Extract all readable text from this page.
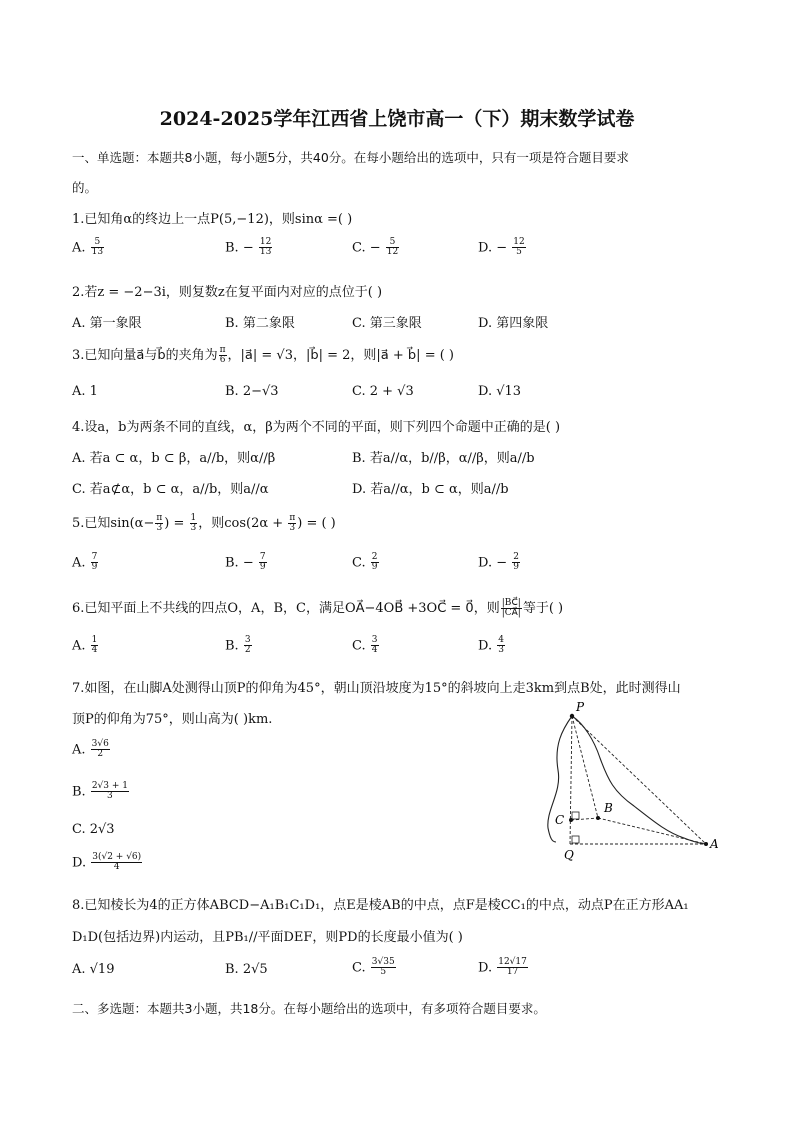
2024-2025学年江西省上饶市高一（下）期末数学试卷
一、单选题：本题共8小题，每小题5分，共40分。在每小题给出的选项中，只有一项是符合题目要求
的。
1.已知角α的终边上一点P(5,−12)，则sinα =( )
A. $\frac{5}{13}$	B. − $\frac{12}{13}$	C. − $\frac{5}{12}$	D. − $\frac{12}{5}$
2.若z = −2−3i，则复数z在复平面内对应的点位于( )
A. 第一象限	B. 第二象限	C. 第三象限	D. 第四象限
3.已知向量a⃗与b⃗的夹角为 $\frac{\pi}{6}$ ，|a⃗| = √3，|b⃗| = 2，则|a⃗ + b⃗| = ( )
A. 1	B. 2−√3	C. 2 + √3	D. √13
4.设a，b为两条不同的直线，α，β为两个不同的平面，则下列四个命题中正确的是( )
A. 若a ⊂ α，b ⊂ β，a//b，则α//β	B. 若a//α，b//β，α//β，则a//b
C. 若a⊄α，b ⊂ α，a//b，则a//α	D. 若a//α，b ⊂ α，则a//b
5.已知$\sin(\alpha- \frac{\pi}{3}$ ) = $\frac{1}{3}$ ，则$\cos(2\alpha + \frac{\pi}{3}$ ) = ( )
A. $\frac{7}{9}$	B. − $\frac{7}{9}$	C. $\frac{2}{9}$	D. − $\frac{2}{9}$
6.已知平面上不共线的四点O，A，B，C，满足OA⃗−4OB⃗ +3OC⃗ = 0⃗，则 $\frac{|BC⃗|}{|CA⃗|}$ 等于( )
A. $\frac{1}{4}$	B. $\frac{3}{2}$	C. $\frac{3}{4}$	D. $\frac{4}{3}$
7.如图，在山脚A处测得山顶P的仰角为45°，朝山顶沿坡度为15°的斜坡向上走3km到点B处，此时测得山
顶P的仰角为75°，则山高为( )km.
A. $\frac{3√6}{2}$
B. $\frac{2√3 + 1}{3}$
C. 2√3
D. $\frac{3(√2 + √6)}{4}$
P
B
C
Q
A
8.已知棱长为4的正方体ABCD−A₁B₁C₁D₁，点E是棱AB的中点，点F是棱CC₁的中点，动点P在正方形AA₁
D₁D(包括边界)内运动，且PB₁//平面DEF，则PD的长度最小值为( )
A. √19	B. 2√5	C. $\frac{3√35}{5}$	D. $\frac{12√17}{17}$
二、多选题：本题共3小题，共18分。在每小题给出的选项中，有多项符合题目要求。
